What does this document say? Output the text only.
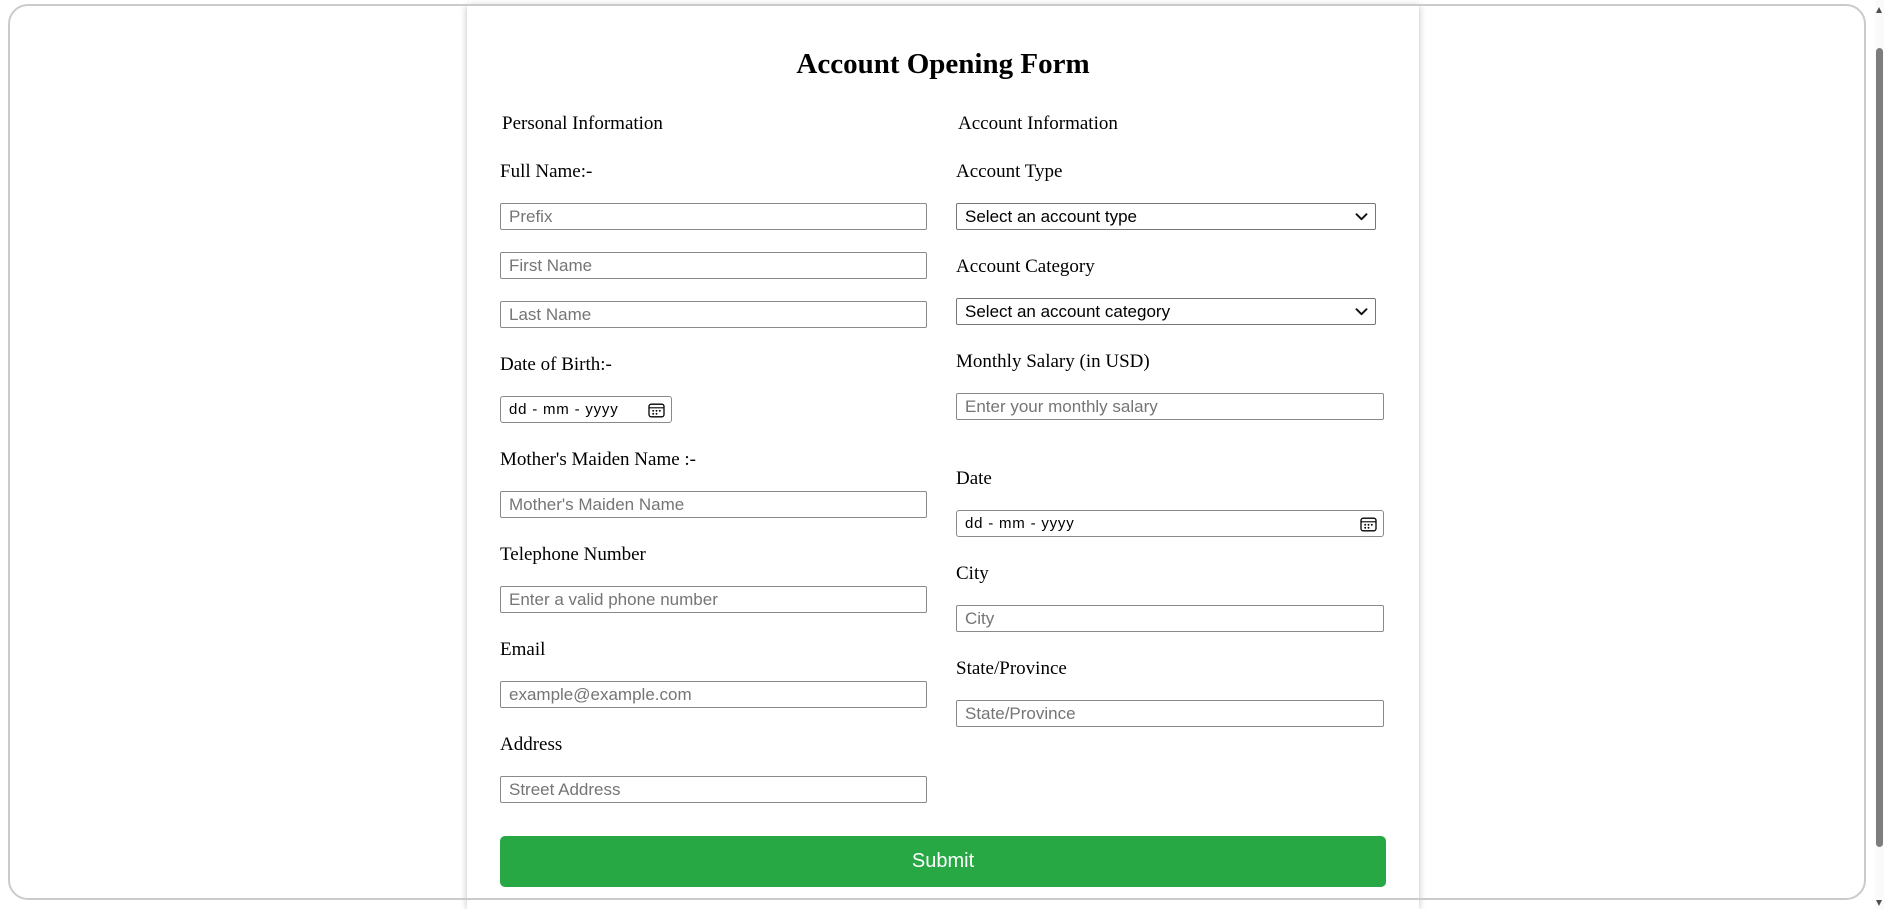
Account Opening Form
Personal Information
Full Name:-
Prefix
First Name
Last Name
Date of Birth:-
dd - mm - yyyy
Mother's Maiden Name :-
Mother's Maiden Name
Telephone Number
Enter a valid phone number
Email
example@example.com
Address
Street Address
Account Information
Account Type
Select an account type
Account Category
Select an account category
Monthly Salary (in USD)
Enter your monthly salary
Date
dd - mm - yyyy
City
City
State/Province
State/Province
Submit
